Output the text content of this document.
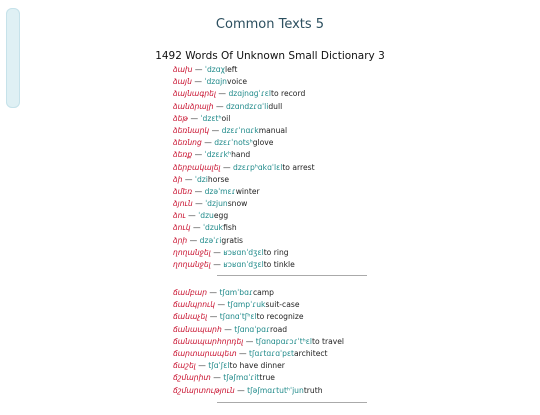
Common Texts 5
1492 Words Of Unknown Small Dictionary 3
ձախ — ˈdzɑχleft
ձայն — ˈdzɑjnvoice
ձայնագրել — dzɑjnɑɡˈɾɛlto record
ձանձրալի — dzɑndzɾɑˈlidull
ձեթ — ˈdzɛtʰoil
ձեռնարկ — dzɛɾˈnɑɾkmanual
ձեռնոց — dzɛɾˈnotsʰglove
ձեռք — ˈdzɛɾkʰhand
ձերբակալել — dzɛɾpʰɑkɑˈlɛlto arrest
ձի — ˈdzihorse
ձմեռ — dzəˈmɛɾwinter
ձյուն — ˈdzjunsnow
ձու — ˈdzuegg
ձուկ — ˈdzukfish
ձրի — dzəˈɾigratis
ղողանջել — ʁɔʁɑnˈdʒɛlto ring
ղողանջել — ʁɔʁɑnˈdʒɛlto tinkle
ճամբար — tʃɑmˈbɑɾcamp
ճամպրուկ — tʃɑmpˈɾuksuit-case
ճանաչել — tʃɑnɑˈtʃʰɛlto recognize
ճանապարհ — tʃɑnɑˈpɑɾroad
ճանապարհորդել — tʃɑnɑpɑɾɔɾˈtʰɛlto travel
ճարտարապետ — tʃɑɾtɑɾɑˈpɛtarchitect
ճաշել — tʃɑˈʃɛlto have dinner
ճշմարիտ — tʃəʃmɑˈɾittrue
ճշմարտություն — tʃəʃmɑɾtutʰˈjuntruth
